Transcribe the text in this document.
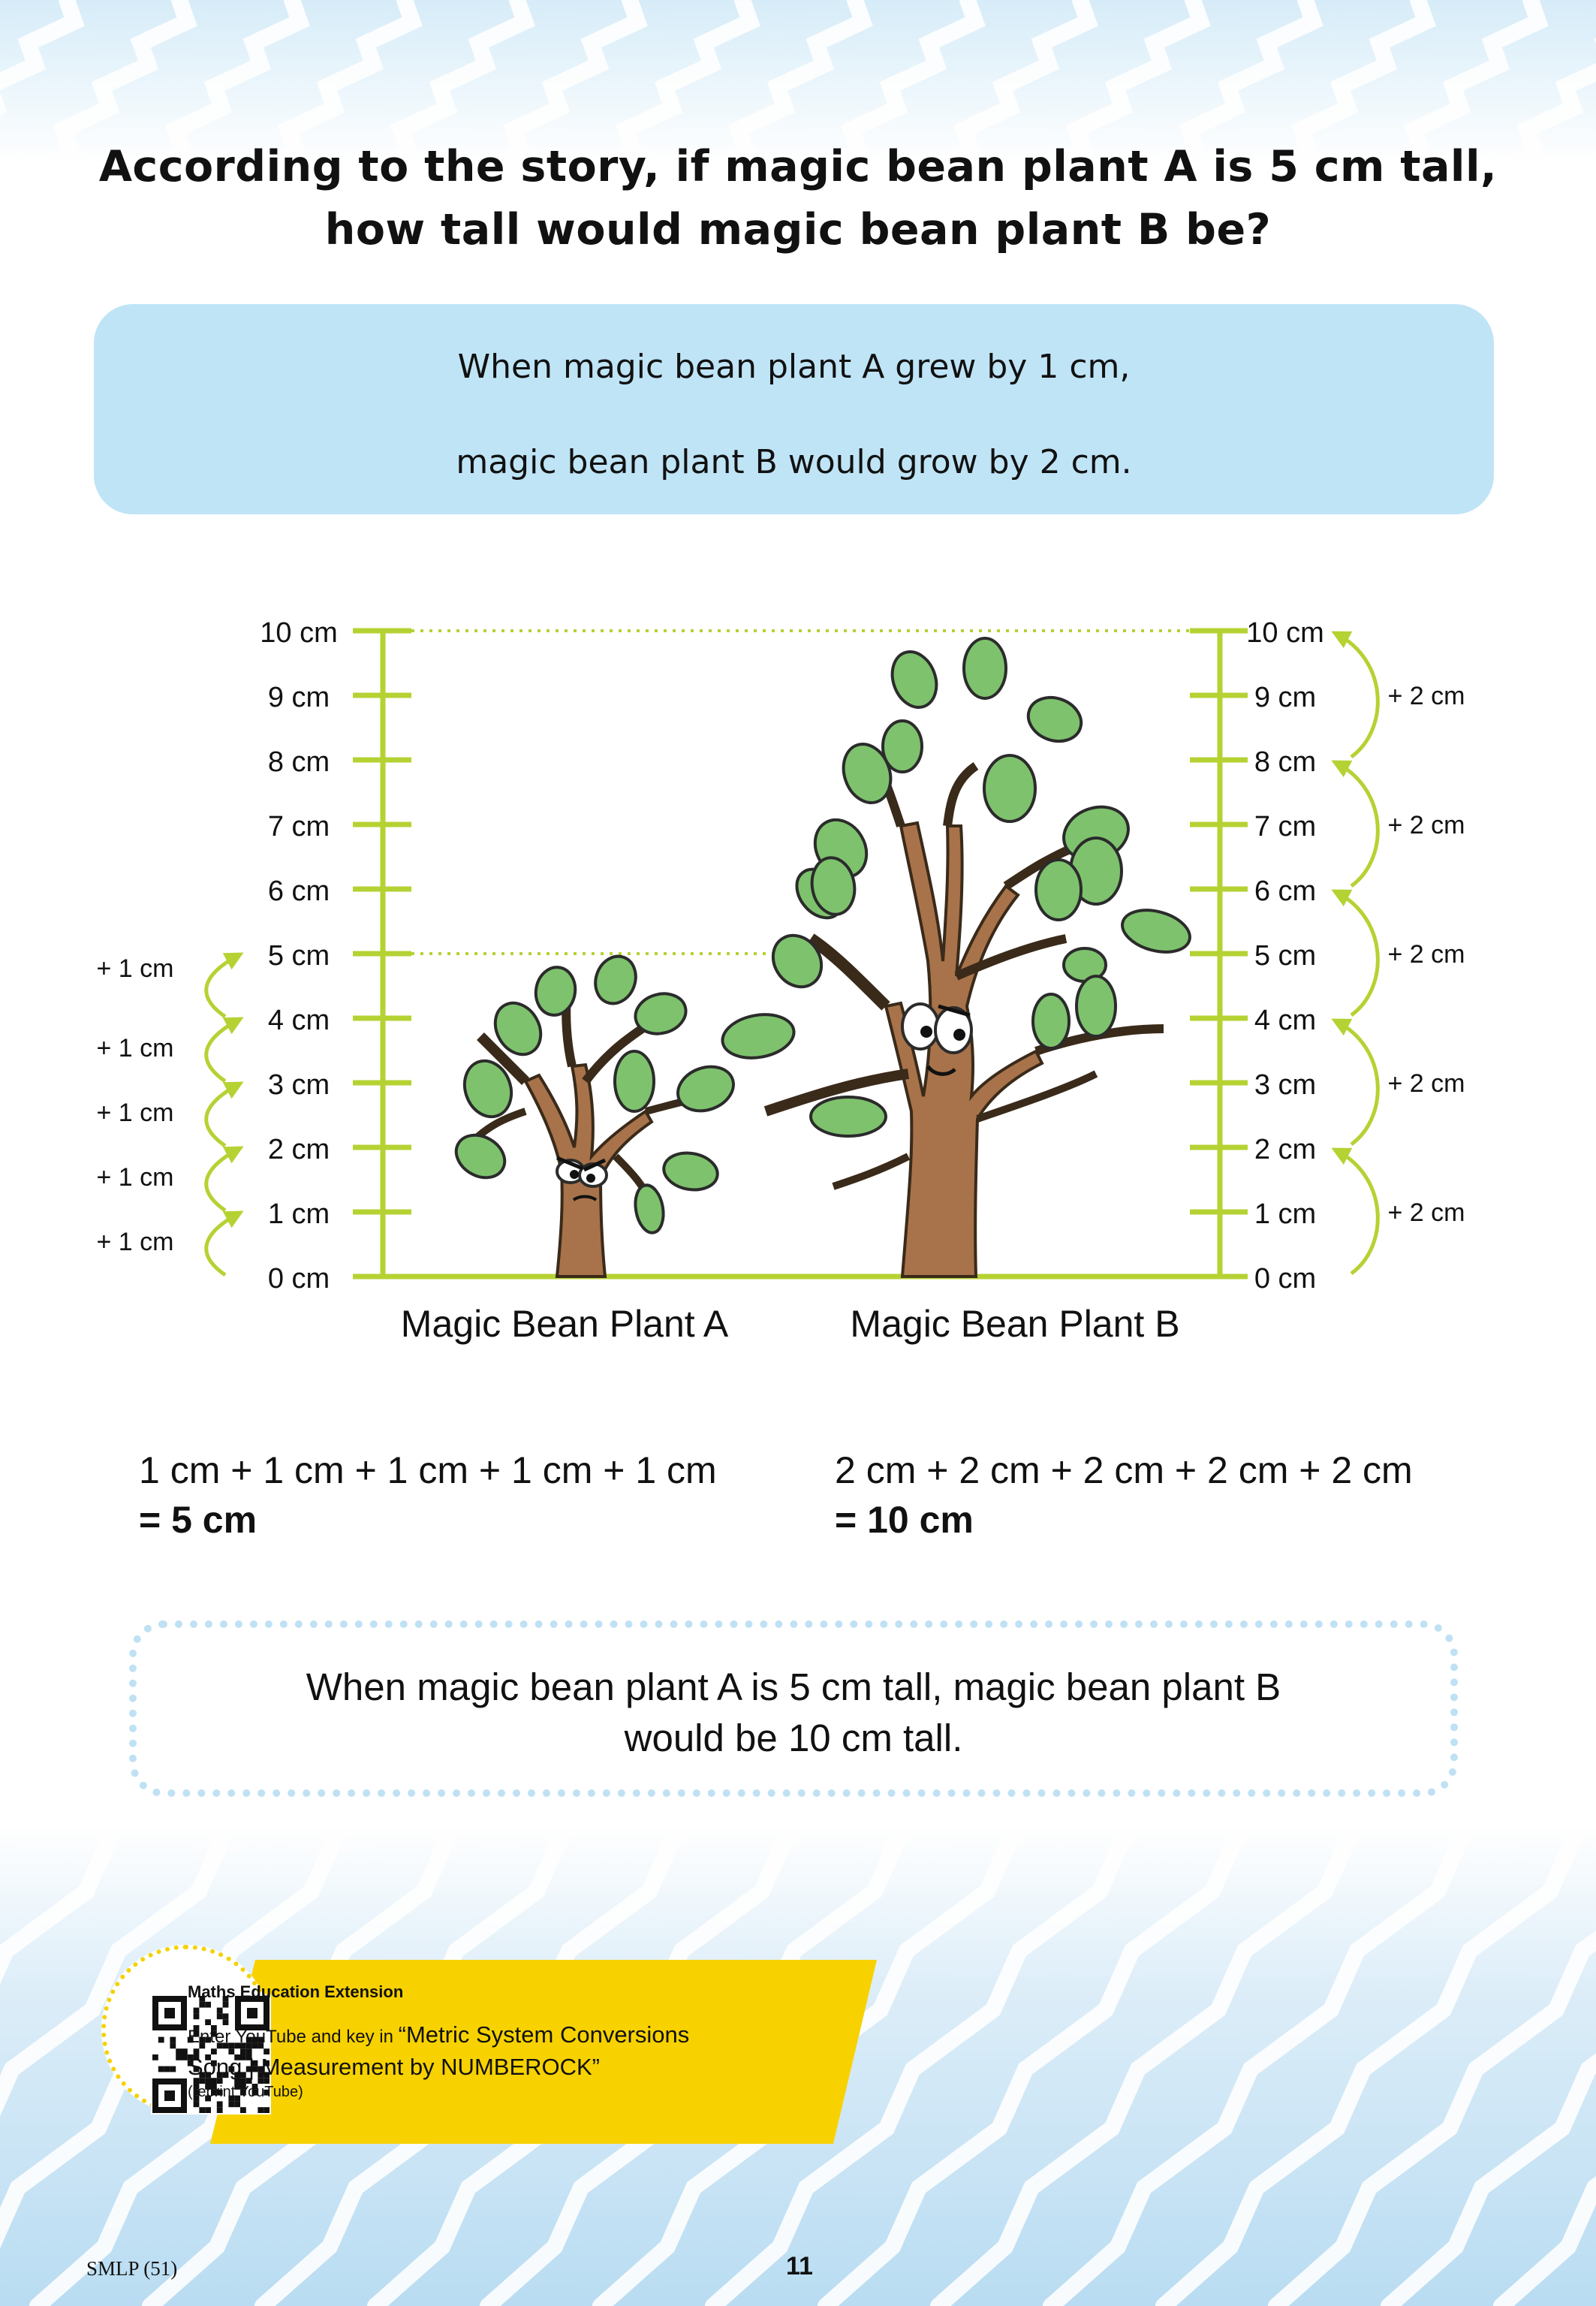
According to the story, if magic bean plant A is 5 cm tall,
how tall would magic bean plant B be?
When magic bean plant A grew by 1 cm,
magic bean plant B would grow by 2 cm.
0 cm	0 cm
1 cm	1 cm
2 cm	2 cm
3 cm	3 cm
4 cm	4 cm
5 cm	5 cm
6 cm	6 cm
7 cm	7 cm
8 cm	8 cm
9 cm	9 cm
10 cm	10 cm
+ 1 cm
+ 1 cm
+ 1 cm
+ 1 cm
+ 1 cm
+ 2 cm
+ 2 cm
+ 2 cm
+ 2 cm
+ 2 cm
Magic Bean Plant A	Magic Bean Plant B
1 cm + 1 cm + 1 cm + 1 cm + 1 cm
= 5 cm
2 cm + 2 cm + 2 cm + 2 cm + 2 cm
= 10 cm
When magic bean plant A is 5 cm tall, magic bean plant B
would be 10 cm tall.
Maths Education Extension
Enter YouTube and key in “Metric System Conversions
Song | Measurement by NUMBEROCK”
(reprint YouTube)
SMLP (51)	11
